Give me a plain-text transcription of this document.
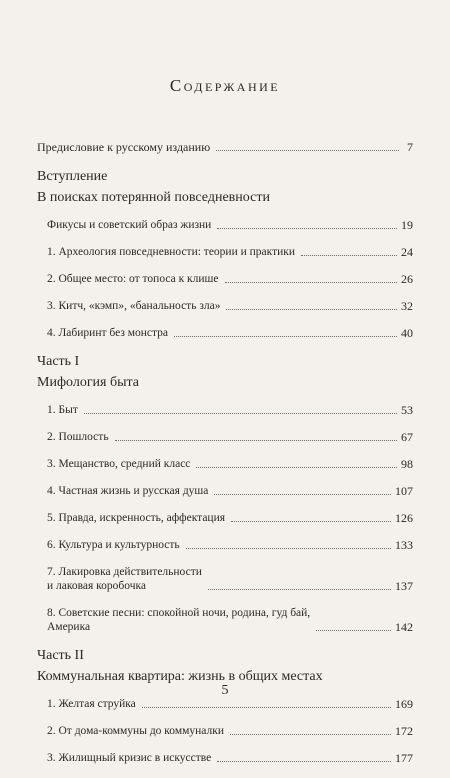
Содержание
Предисловие к русскому изданию	7
Вступление
В поисках потерянной повседневности
Фикусы и советский образ жизни	19
1. Археология повседневности: теории и практики	24
2. Общее место: от топоса к клише	26
3. Китч, «кэмп», «банальность зла»	32
4. Лабиринт без монстра	40
Часть I
Мифология быта
1. Быт	53
2. Пошлость	67
3. Мещанство, средний класс	98
4. Частная жизнь и русская душа	107
5. Правда, искренность, аффектация	126
6. Культура и культурность	133
7. Лакировка действительности
и лаковая коробочка	137
8. Советские песни: спокойной ночи, родина, гуд бай,
Америка	142
Часть II
Коммунальная квартира: жизнь в общих местах
1. Желтая струйка	169
2. От дома-коммуны до коммуналки	172
3. Жилищный кризис в искусстве	177
5
